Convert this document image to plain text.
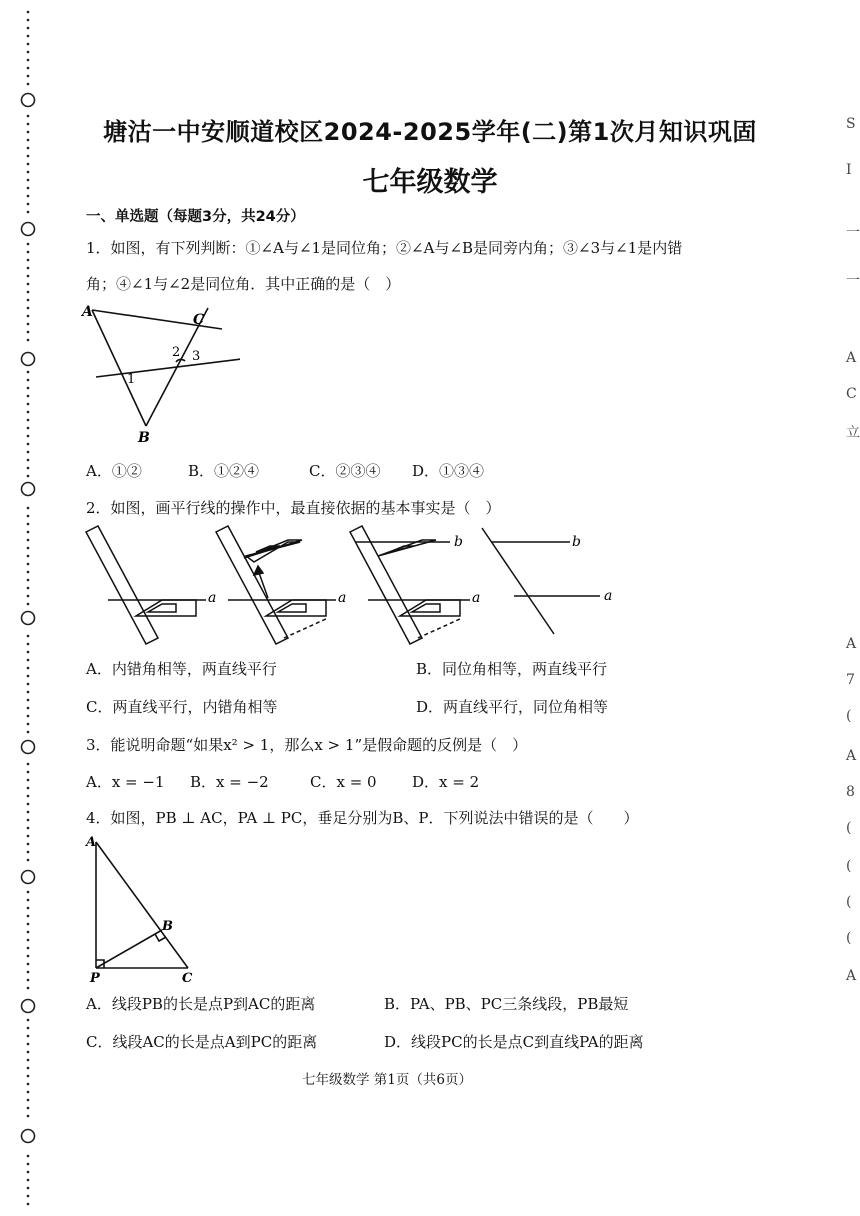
塘沽一中安顺道校区2024-2025学年(二)第1次月知识巩固
七年级数学
一、单选题（每题3分，共24分）
1．如图，有下列判断：①∠A与∠1是同位角；②∠A与∠B是同旁内角；③∠3与∠1是内错
角；④∠1与∠2是同位角．其中正确的是（　）
A	C
2 3
1
B
A．①②	B．①②④	C．②③④ D．①③④
2．如图，画平行线的操作中，最直接依据的基本事实是（　）
a	a
b
a
b
a
A．内错角相等，两直线平行	B．同位角相等，两直线平行
C．两直线平行，内错角相等	D．两直线平行，同位角相等
3．能说明命题“如果x² > 1，那么x > 1”是假命题的反例是（　）
A．x = −1 B．x = −2	C．x = 0 D．x = 2
4．如图，PB ⊥ AC，PA ⊥ PC，垂足分别为B、P．下列说法中错误的是（　　）
A
B
P	C
A．线段PB的长是点P到AC的距离	B．PA、PB、PC三条线段，PB最短
C．线段AC的长是点A到PC的距离	D．线段PC的长是点C到直线PA的距离
七年级数学 第1页（共6页）
S
I
一
一
A
C
立
A
7
(
A
8
(
(
(
(
A
